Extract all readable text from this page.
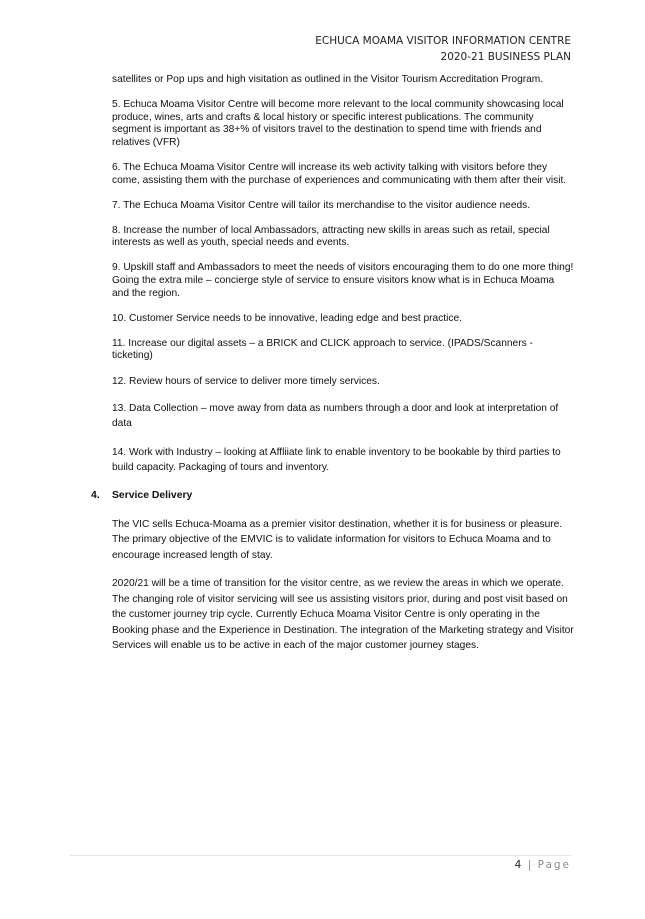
ECHUCA MOAMA VISITOR INFORMATION CENTRE
2020-21 BUSINESS PLAN

satellites or Pop ups and high visitation as outlined in the Visitor Tourism Accreditation Program.

5. Echuca Moama Visitor Centre will become more relevant to the local community showcasing local produce, wines, arts and crafts & local history or specific interest publications. The community segment is important as 38+% of visitors travel to the destination to spend time with friends and relatives (VFR)

6. The Echuca Moama Visitor Centre will increase its web activity talking with visitors before they come, assisting them with the purchase of experiences and communicating with them after their visit.

7. The Echuca Moama Visitor Centre will tailor its merchandise to the visitor audience needs.

8. Increase the number of local Ambassadors, attracting new skills in areas such as retail, special interests as well as youth, special needs and events.

9. Upskill staff and Ambassadors to meet the needs of visitors encouraging them to do one more thing! Going the extra mile – concierge style of service to ensure visitors know what is in Echuca Moama and the region.

10. Customer Service needs to be innovative, leading edge and best practice.

11. Increase our digital assets – a BRICK and CLICK approach to service. (IPADS/Scanners - ticketing)

12. Review hours of service to deliver more timely services.

13. Data Collection – move away from data as numbers through a door and look at interpretation of data

14. Work with Industry – looking at Affliiate link to enable inventory to be bookable by third parties to build capacity. Packaging of tours and inventory.

4. Service Delivery

The VIC sells Echuca-Moama as a premier visitor destination, whether it is for business or pleasure. The primary objective of the EMVIC is to validate information for visitors to Echuca Moama and to encourage increased length of stay.

2020/21 will be a time of transition for the visitor centre, as we review the areas in which we operate. The changing role of visitor servicing will see us assisting visitors prior, during and post visit based on the customer journey trip cycle. Currently Echuca Moama Visitor Centre is only operating in the Booking phase and the Experience in Destination. The integration of the Marketing strategy and Visitor Services will enable us to be active in each of the major customer journey stages.

4 | Page
